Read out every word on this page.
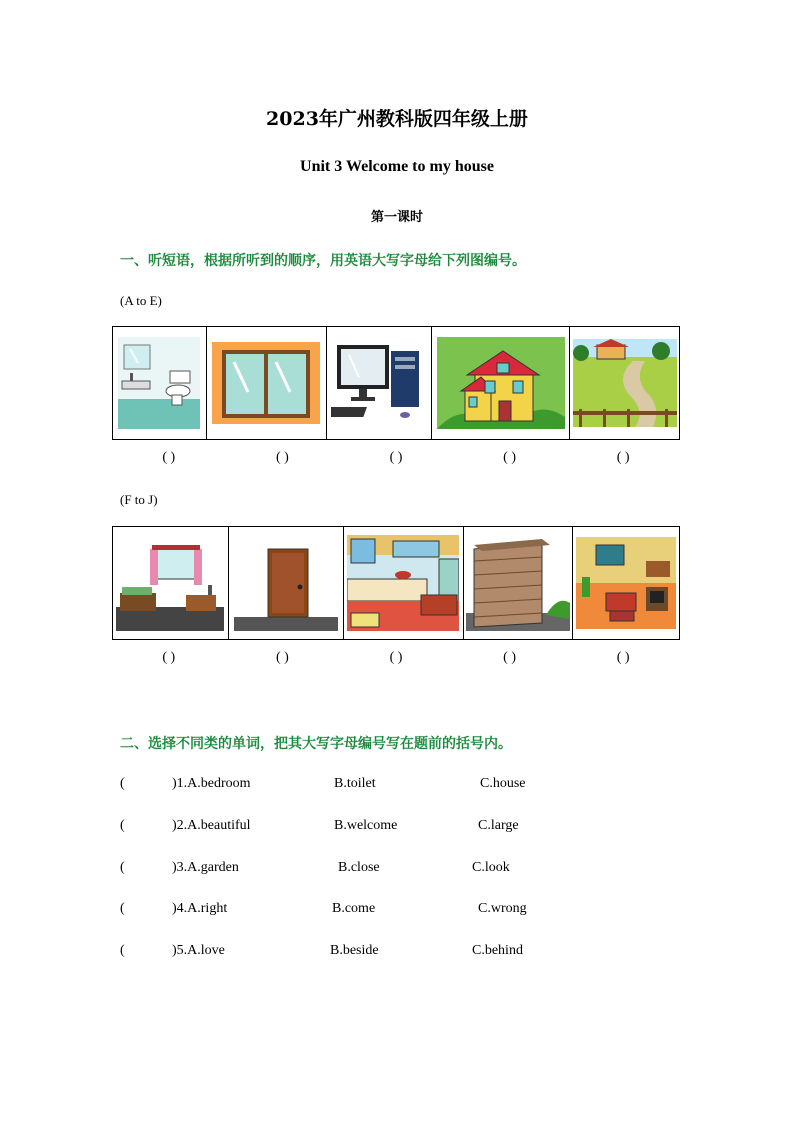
2023年广州教科版四年级上册
Unit 3 Welcome to my house
第一课时
一、听短语，根据所听到的顺序，用英语大写字母给下列图编号。
(A to E)
( )	( )	( )	( )	( )
(F to J)
( )	( )	( )	( )	( )
二、选择不同类的单词，把其大写字母编号写在题前的括号内。
(	)1.A.bedroom	B.toilet	C.house
(	)2.A.beautiful	B.welcome	C.large
(	)3.A.garden	B.close	C.look
(	)4.A.right	B.come	C.wrong
(	)5.A.love	B.beside	C.behind
